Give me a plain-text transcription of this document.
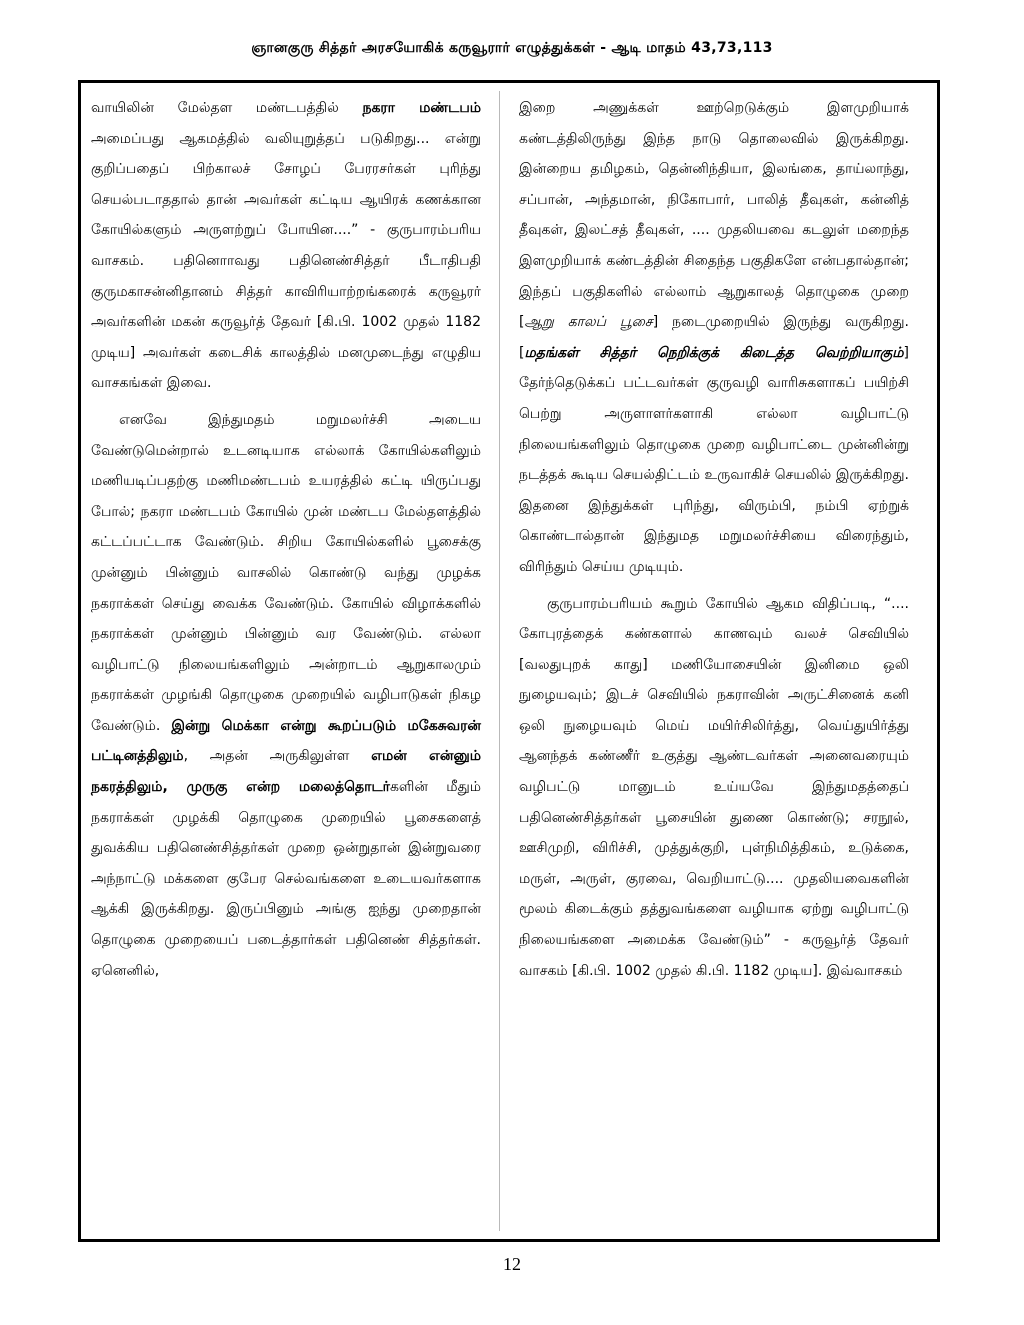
ஞானகுரு சித்தர் அரசயோகிக் கருவூரார் எழுத்துக்கள் - ஆடி மாதம் 43,73,113

வாயிலின் மேல்தள மண்டபத்தில் நகரா மண்டபம் அமைப்பது ஆகமத்தில் வலியுறுத்தப் படுகிறது... என்று குறிப்பதைப் பிற்காலச் சோழப் பேரரசர்கள் புரிந்து செயல்படாததால் தான் அவர்கள் கட்டிய ஆயிரக் கணக்கான கோயில்களும் அருளற்றுப் போயின....” - குருபாரம்பரிய வாசகம். பதினொாவது பதினெண்சித்தர் பீடாதிபதி குருமகாசன்னிதானம் சித்தர் காவிரியாற்றங்கரைக் கருவூரர் அவர்களின் மகன் கருவூர்த் தேவர் [கி.பி. 1002 முதல் 1182 முடிய] அவர்கள் கடைசிக் காலத்தில் மனமுடைந்து எழுதிய வாசகங்கள் இவை.

எனவே இந்துமதம் மறுமலர்ச்சி அடைய வேண்டுமென்றால் உடனடியாக எல்லாக் கோயில்களிலும் மணியடிப்பதற்கு மணிமண்டபம் உயரத்தில் கட்டி யிருப்பது போல்; நகரா மண்டபம் கோயில் முன் மண்டப மேல்தளத்தில் கட்டப்பட்டாக வேண்டும். சிறிய கோயில்களில் பூசைக்கு முன்னும் பின்னும் வாசலில் கொண்டு வந்து முழக்க நகராக்கள் செய்து வைக்க வேண்டும். கோயில் விழாக்களில் நகராக்கள் முன்னும் பின்னும் வர வேண்டும். எல்லா வழிபாட்டு நிலையங்களிலும் அன்றாடம் ஆறுகாலமும் நகராக்கள் முழங்கி தொழுகை முறையில் வழிபாடுகள் நிகழ வேண்டும். இன்று மெக்கா என்று கூறப்படும் மகேசுவரன் பட்டினத்திலும், அதன் அருகிலுள்ள எமன் என்னும் நகரத்திலும், முருகு என்ற மலைத்தொடர்களின் மீதும் நகராக்கள் முழக்கி தொழுகை முறையில் பூசைகளைத் துவக்கிய பதினெண்சித்தர்கள் முறை ஒன்றுதான் இன்றுவரை அந்நாட்டு மக்களை குபேர செல்வங்களை உடையவர்களாக ஆக்கி இருக்கிறது. இருப்பினும் அங்கு ஐந்து முறைதான் தொழுகை முறையைப் படைத்தார்கள் பதினெண் சித்தர்கள். ஏனெனில்,

இறை அணுக்கள் ஊற்றெடுக்கும் இளமுறியாக் கண்டத்திலிருந்து இந்த நாடு தொலைவில் இருக்கிறது. இன்றைய தமிழகம், தென்னிந்தியா, இலங்கை, தாய்லாந்து, சப்பான், அந்தமான், நிகோபார், பாலித் தீவுகள், கன்னித் தீவுகள், இலட்சத் தீவுகள், .... முதலியவை கடலுள் மறைந்த இளமுறியாக் கண்டத்தின் சிதைந்த பகுதிகளே என்பதால்தான்; இந்தப் பகுதிகளில் எல்லாம் ஆறுகாலத் தொழுகை முறை [ஆறு காலப் பூசை] நடைமுறையில் இருந்து வருகிறது. [மதங்கள் சித்தர் நெறிக்குக் கிடைத்த வெற்றியாகும்] தேர்ந்தெடுக்கப் பட்டவர்கள் குருவழி வாரிசுகளாகப் பயிற்சி பெற்று அருளாளர்களாகி எல்லா வழிபாட்டு நிலையங்களிலும் தொழுகை முறை வழிபாட்டை முன்னின்று நடத்தக் கூடிய செயல்திட்டம் உருவாகிச் செயலில் இருக்கிறது. இதனை இந்துக்கள் புரிந்து, விரும்பி, நம்பி ஏற்றுக் கொண்டால்தான் இந்துமத மறுமலர்ச்சியை விரைந்தும், விரிந்தும் செய்ய முடியும்.

குருபாரம்பரியம் கூறும் கோயில் ஆகம விதிப்படி, “.... கோபுரத்தைக் கண்களால் காணவும் வலச் செவியில் [வலதுபுறக் காது] மணியோசையின் இனிமை ஒலி நுழையவும்; இடச் செவியில் நகராவின் அருட்சினைக் கனி ஒலி நுழையவும் மெய் மயிர்சிலிர்த்து, வெய்துயிர்த்து ஆனந்தக் கண்ணீர் உகுத்து ஆண்டவர்கள் அனைவரையும் வழிபட்டு மானுடம் உய்யவே இந்துமதத்தைப் பதினெண்சித்தர்கள் பூசையின் துணை கொண்டு; சரநூல், ஊசிமுறி, விரிச்சி, முத்துக்குறி, புள்நிமித்திகம், உடுக்கை, மருள், அருள், குரவை, வெறியாட்டு.... முதலியவைகளின் மூலம் கிடைக்கும் தத்துவங்களை வழியாக ஏற்று வழிபாட்டு நிலையங்களை அமைக்க வேண்டும்” - கருவூர்த் தேவர் வாசகம் [கி.பி. 1002 முதல் கி.பி. 1182 முடிய]. இவ்வாசகம்

12
